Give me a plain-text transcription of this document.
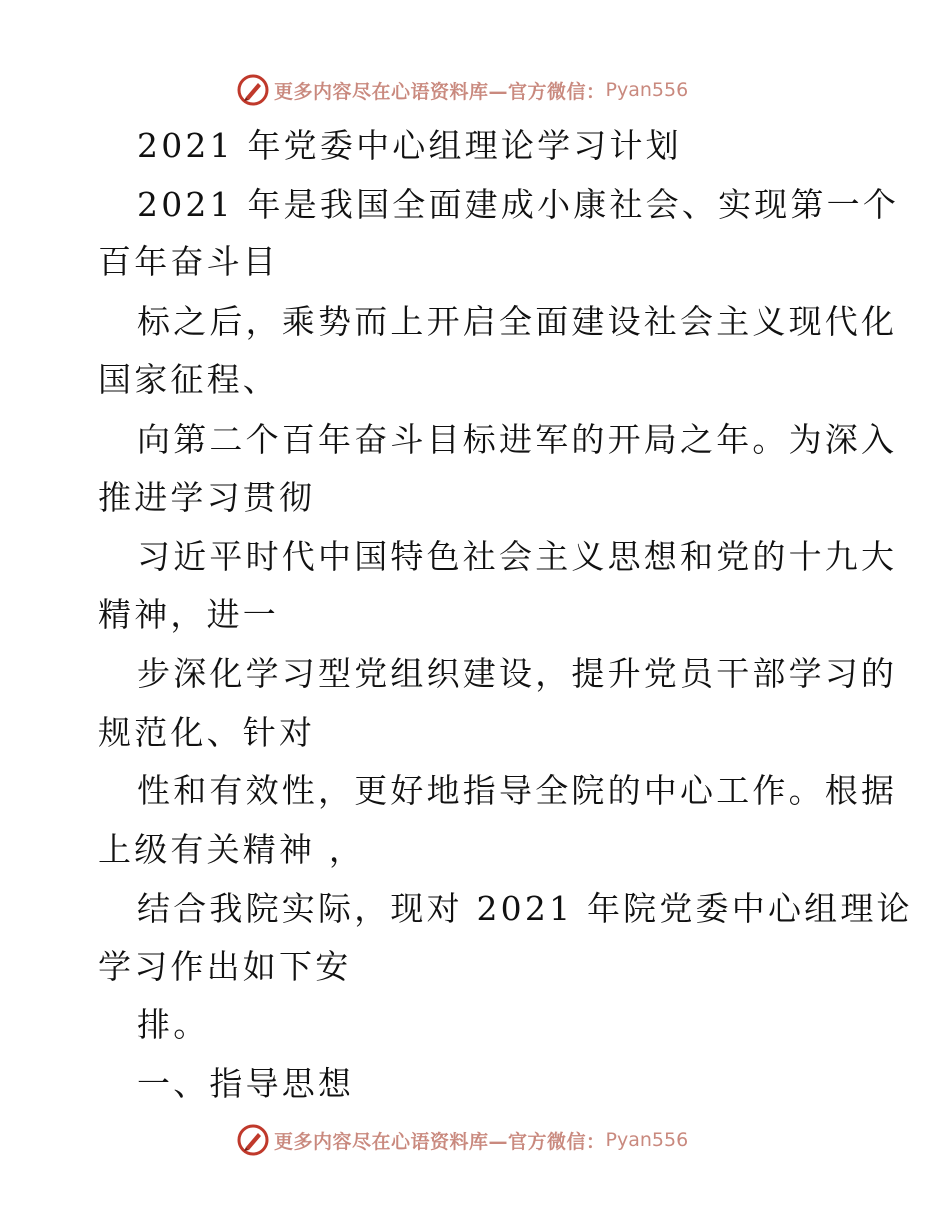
更多内容尽在心语资料库—官方微信： Pyan556
2021 年党委中心组理论学习计划
2021 年是我国全面建成小康社会、实现第一个
百年奋斗目
标之后，乘势而上开启全面建设社会主义现代化
国家征程、
向第二个百年奋斗目标进军的开局之年。为深入
推进学习贯彻
习近平时代中国特色社会主义思想和党的十九大
精神，进一
步深化学习型党组织建设，提升党员干部学习的
规范化、针对
性和有效性，更好地指导全院的中心工作。根据
上级有关精神 ，
结合我院实际，现对 2021 年院党委中心组理论
学习作出如下安
排。
一、指导思想
更多内容尽在心语资料库—官方微信： Pyan556
